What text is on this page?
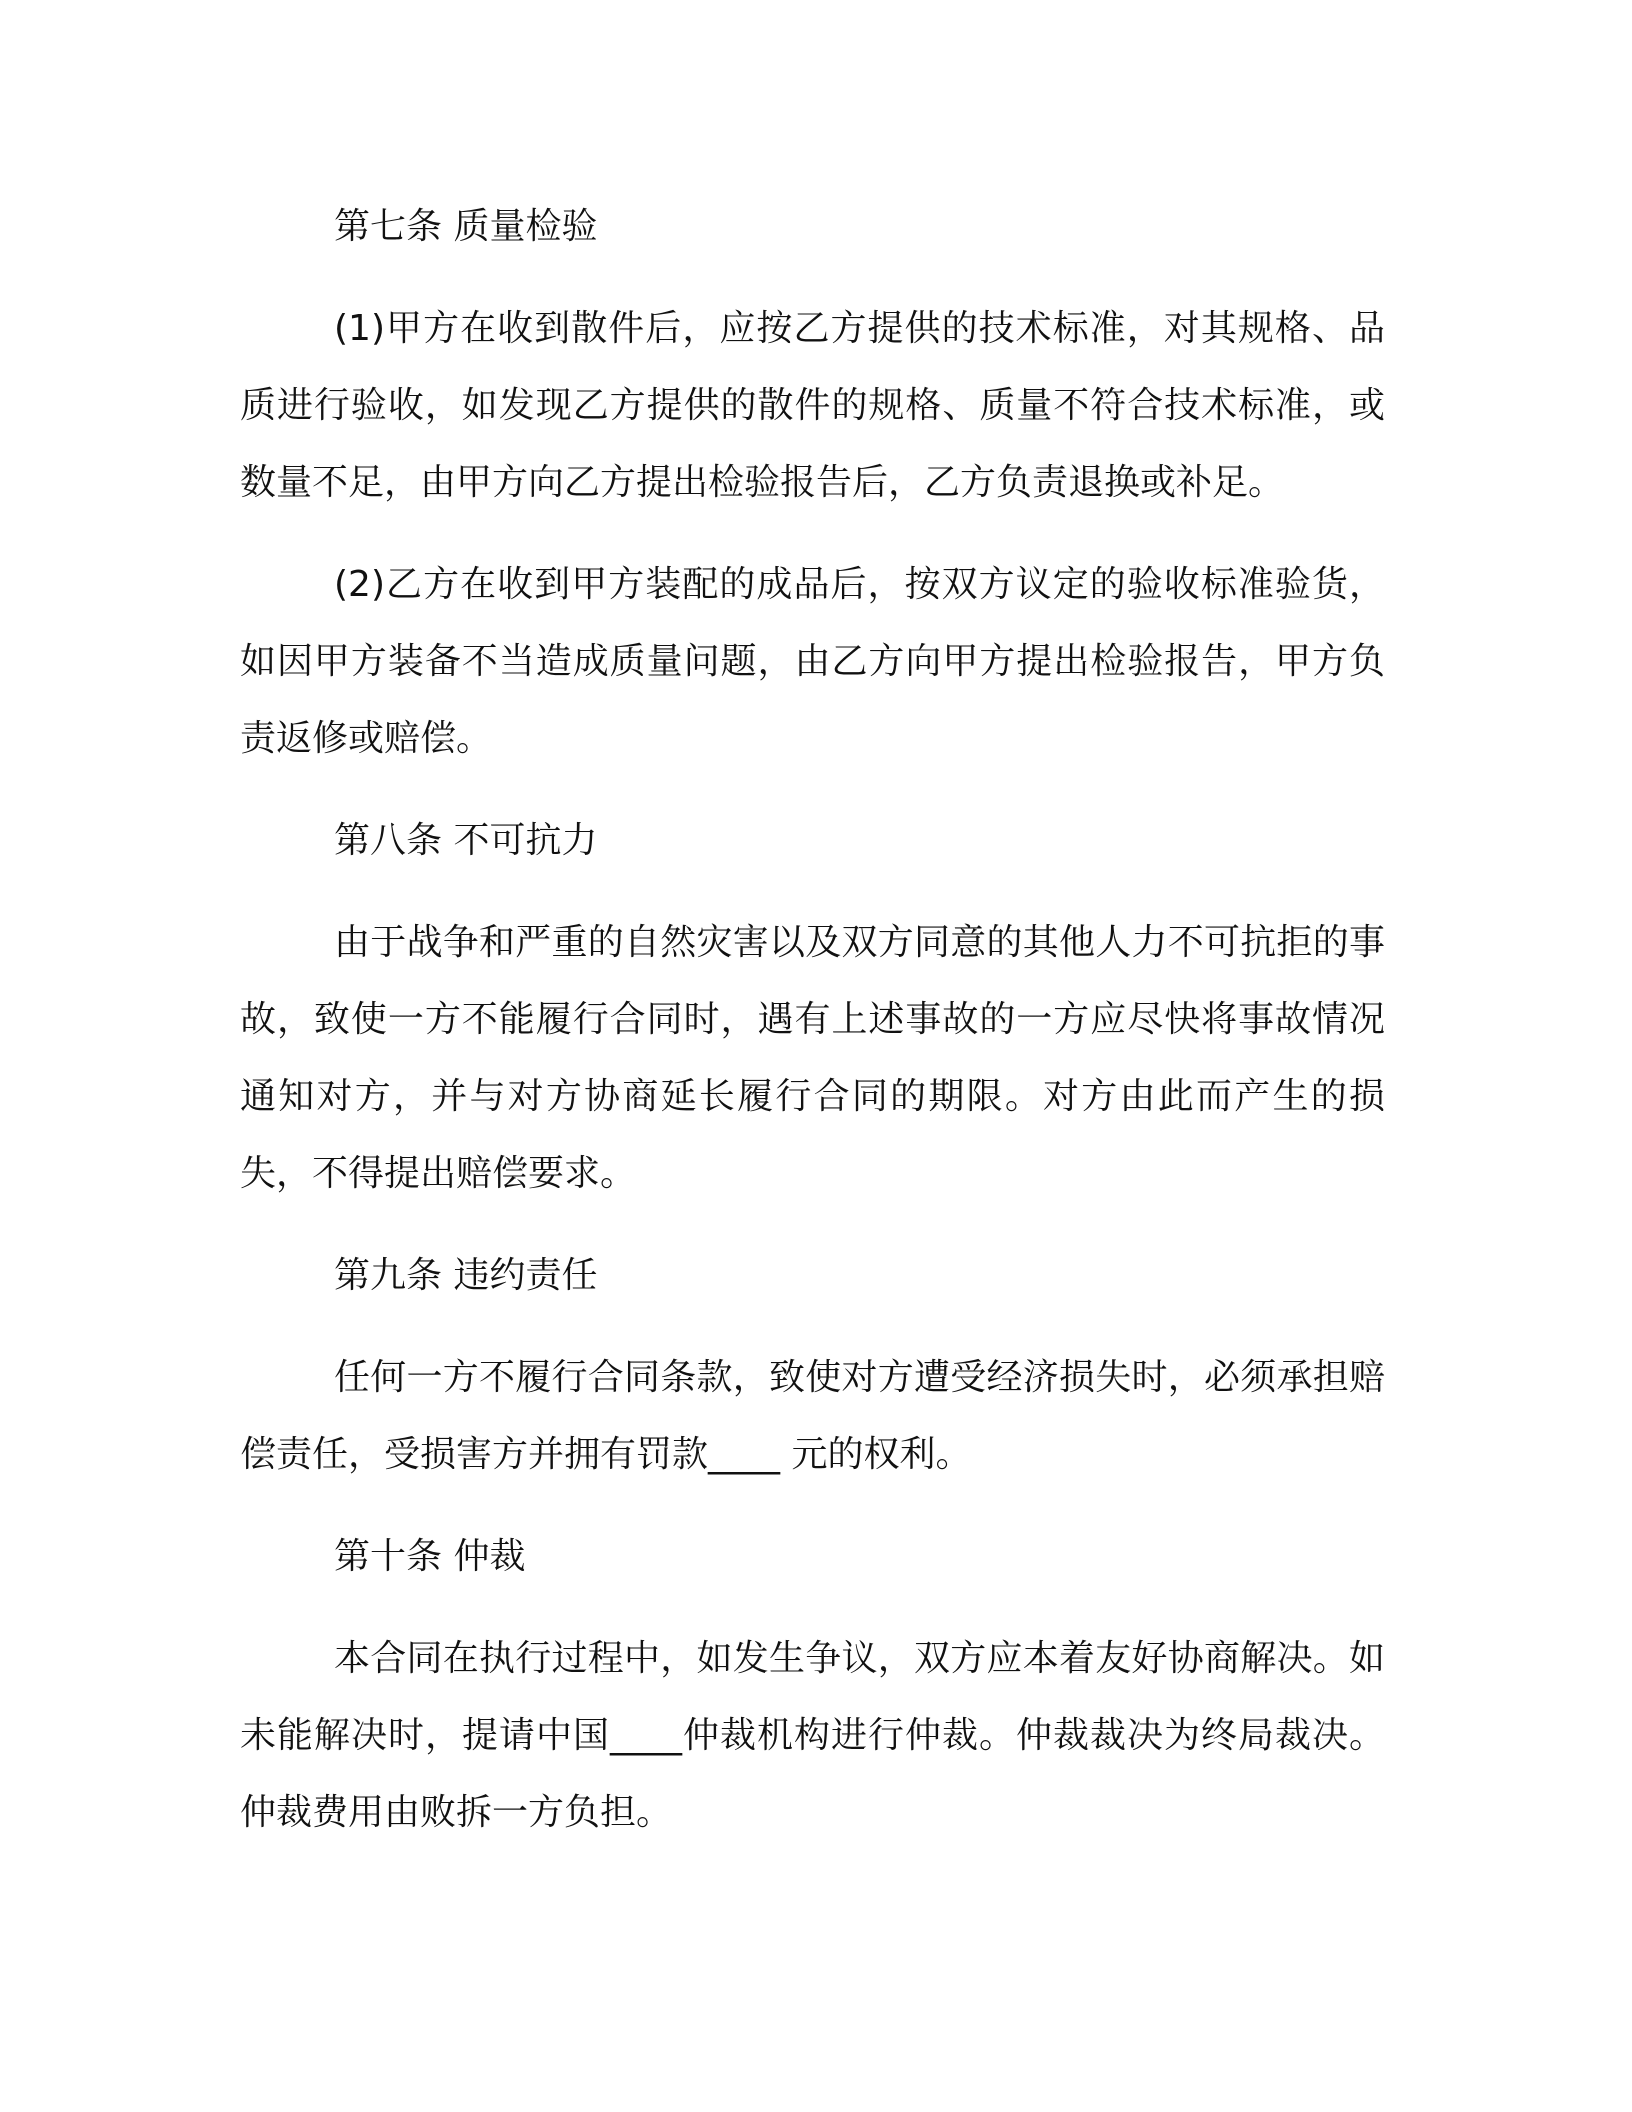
第七条 质量检验

(1)甲方在收到散件后，应按乙方提供的技术标准，对其规格、品质进行验收，如发现乙方提供的散件的规格、质量不符合技术标准，或数量不足，由甲方向乙方提出检验报告后，乙方负责退换或补足。

(2)乙方在收到甲方装配的成品后，按双方议定的验收标准验货，如因甲方装备不当造成质量问题，由乙方向甲方提出检验报告，甲方负责返修或赔偿。

第八条 不可抗力

由于战争和严重的自然灾害以及双方同意的其他人力不可抗拒的事故，致使一方不能履行合同时，遇有上述事故的一方应尽快将事故情况通知对方，并与对方协商延长履行合同的期限。对方由此而产生的损失，不得提出赔偿要求。

第九条 违约责任

任何一方不履行合同条款，致使对方遭受经济损失时，必须承担赔偿责任，受损害方并拥有罚款____ 元的权利。

第十条 仲裁

本合同在执行过程中，如发生争议，双方应本着友好协商解决。如未能解决时，提请中国____仲裁机构进行仲裁。仲裁裁决为终局裁决。仲裁费用由败拆一方负担。
